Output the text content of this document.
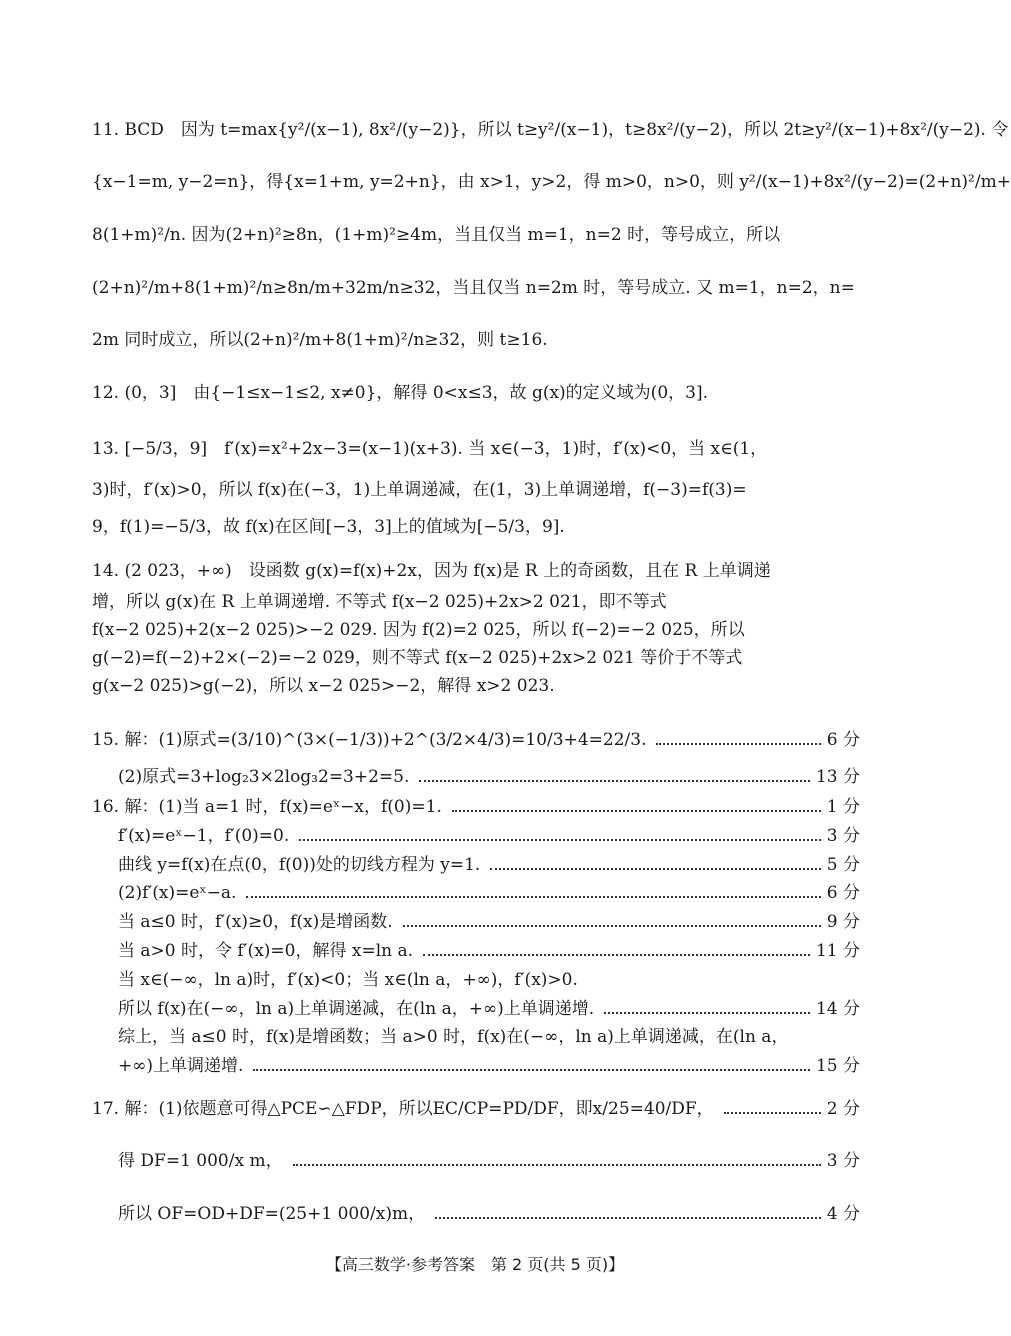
11. BCD　因为 t=max{y²/(x−1), 8x²/(y−2)}，所以 t≥y²/(x−1)，t≥8x²/(y−2)，所以 2t≥y²/(x−1)+8x²/(y−2). 令
{x−1=m, y−2=n}，得{x=1+m, y=2+n}，由 x>1，y>2，得 m>0，n>0，则 y²/(x−1)+8x²/(y−2)=(2+n)²/m+
8(1+m)²/n. 因为(2+n)²≥8n，(1+m)²≥4m，当且仅当 m=1，n=2 时，等号成立，所以
(2+n)²/m+8(1+m)²/n≥8n/m+32m/n≥32，当且仅当 n=2m 时，等号成立. 又 m=1，n=2，n=
2m 同时成立，所以(2+n)²/m+8(1+m)²/n≥32，则 t≥16.
12. (0，3]　由{−1≤x−1≤2, x≠0}，解得 0<x≤3，故 g(x)的定义域为(0，3].
13. [−5/3，9]　f′(x)=x²+2x−3=(x−1)(x+3). 当 x∈(−3，1)时，f′(x)<0，当 x∈(1，
3)时，f′(x)>0，所以 f(x)在(−3，1)上单调递减，在(1，3)上单调递增，f(−3)=f(3)=
9，f(1)=−5/3，故 f(x)在区间[−3，3]上的值域为[−5/3，9].
14. (2 023，+∞)　设函数 g(x)=f(x)+2x，因为 f(x)是 R 上的奇函数，且在 R 上单调递
增，所以 g(x)在 R 上单调递增. 不等式 f(x−2 025)+2x>2 021，即不等式
f(x−2 025)+2(x−2 025)>−2 029. 因为 f(2)=2 025，所以 f(−2)=−2 025，所以
g(−2)=f(−2)+2×(−2)=−2 029，则不等式 f(x−2 025)+2x>2 021 等价于不等式
g(x−2 025)>g(−2)，所以 x−2 025>−2，解得 x>2 023.
15. 解：(1)原式=(3/10)^(3×(−1/3))+2^(3/2×4/3)=10/3+4=22/3.	6 分
(2)原式=3+log₂3×2log₃2=3+2=5.	13 分
16. 解：(1)当 a=1 时，f(x)=eˣ−x，f(0)=1.	1 分
f′(x)=eˣ−1，f′(0)=0.	3 分
曲线 y=f(x)在点(0，f(0))处的切线方程为 y=1.	5 分
(2)f′(x)=eˣ−a.	6 分
当 a≤0 时，f′(x)≥0，f(x)是增函数.	9 分
当 a>0 时，令 f′(x)=0，解得 x=ln a.	11 分
当 x∈(−∞，ln a)时，f′(x)<0；当 x∈(ln a，+∞)，f′(x)>0.
所以 f(x)在(−∞，ln a)上单调递减，在(ln a，+∞)上单调递增.	14 分
综上，当 a≤0 时，f(x)是增函数；当 a>0 时，f(x)在(−∞，ln a)上单调递减，在(ln a，
+∞)上单调递增.	15 分
17. 解：(1)依题意可得△PCE∽△FDP，所以EC/CP=PD/DF，即x/25=40/DF，	2 分
得 DF=1 000/x m，	3 分
所以 OF=OD+DF=(25+1 000/x)m，	4 分
【高三数学·参考答案　第 2 页(共 5 页)】
